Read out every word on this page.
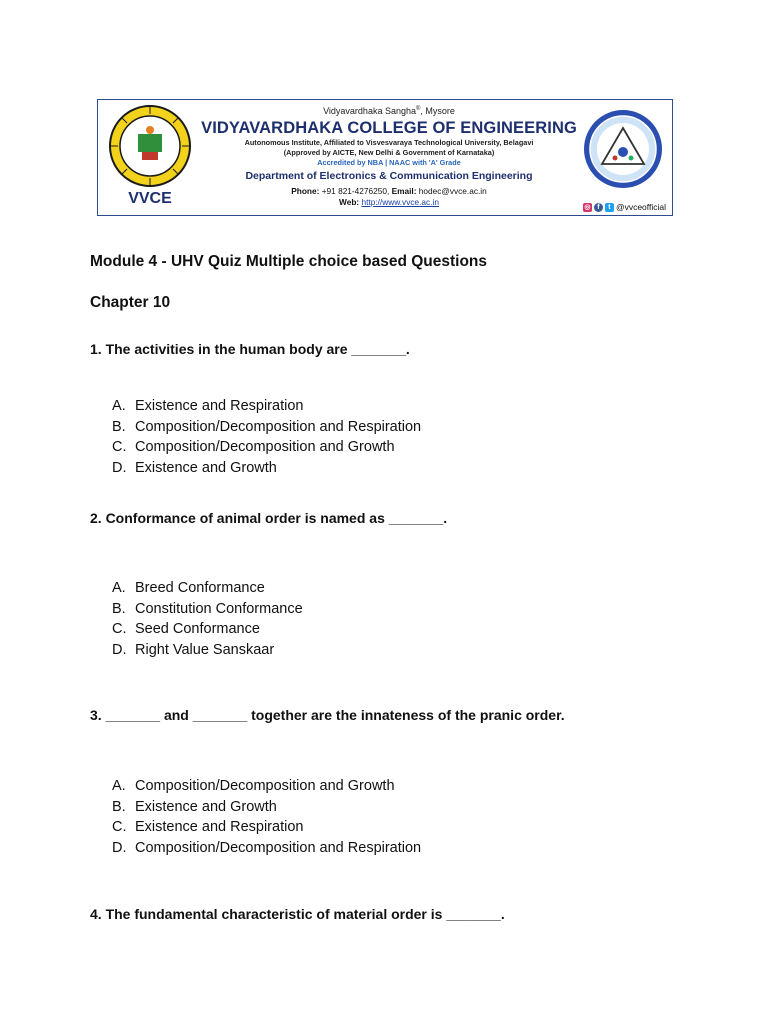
VVCE
Vidyavardhaka Sangha®, Mysore
VIDYAVARDHAKA COLLEGE OF ENGINEERING
Autonomous Institute, Affiliated to Visvesvaraya Technological University, Belagavi
(Approved by AICTE, New Delhi & Government of Karnataka)
Accredited by NBA | NAAC with 'A' Grade
Department of Electronics & Communication Engineering
Phone: +91 821-4276250, Email: hodec@vvce.ac.in
Web: http://www.vvce.ac.in	◎ f	t @vvceofficial
Module 4 - UHV Quiz Multiple choice based Questions
Chapter 10
1. The activities in the human body are _______.
A. Existence and Respiration
B. Composition/Decomposition and Respiration
C. Composition/Decomposition and Growth
D. Existence and Growth
2. Conformance of animal order is named as _______.
A. Breed Conformance
B. Constitution Conformance
C. Seed Conformance
D. Right Value Sanskaar
3. _______ and _______ together are the innateness of the pranic order.
A. Composition/Decomposition and Growth
B. Existence and Growth
C. Existence and Respiration
D. Composition/Decomposition and Respiration
4. The fundamental characteristic of material order is _______.
